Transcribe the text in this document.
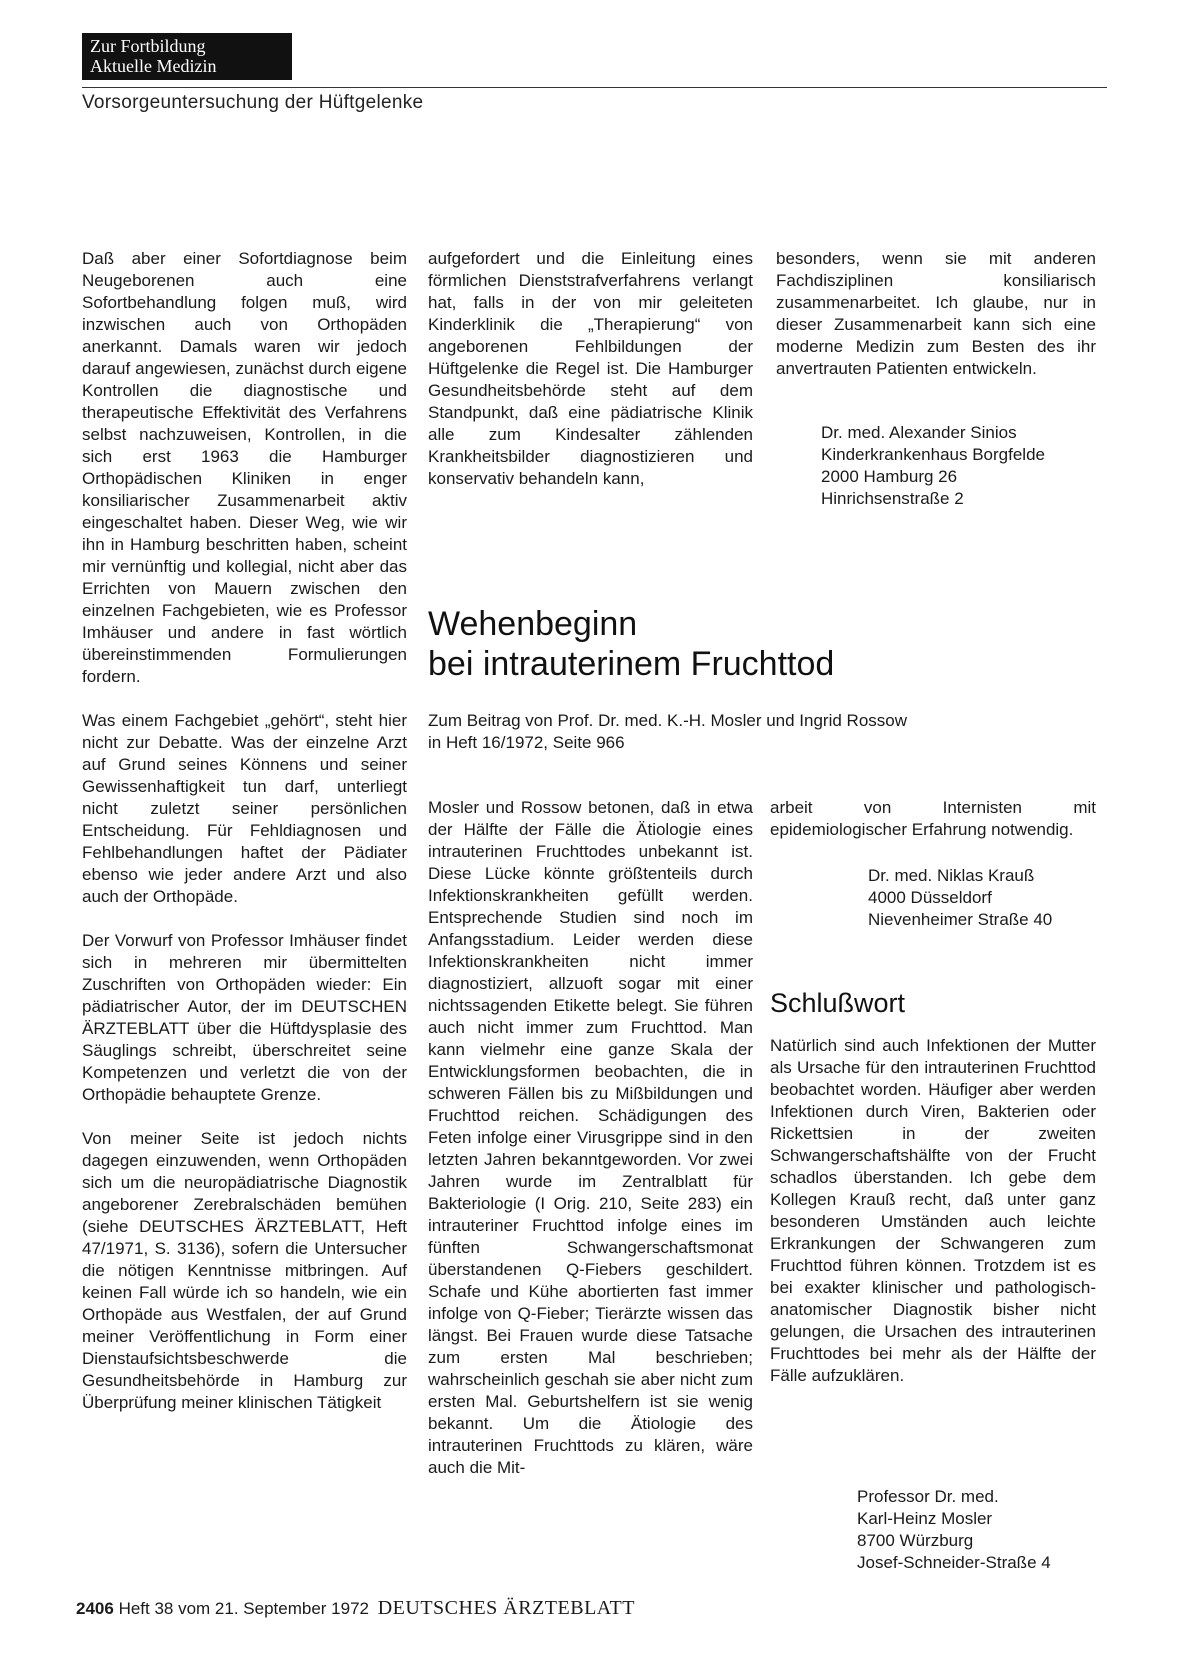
Zur Fortbildung
Aktuelle Medizin
Vorsorgeuntersuchung der Hüftgelenke

Daß aber einer Sofortdiagnose beim Neugeborenen auch eine Sofortbehandlung folgen muß, wird inzwischen auch von Orthopäden anerkannt. Damals waren wir jedoch darauf angewiesen, zunächst durch eigene Kontrollen die diagnostische und therapeutische Effektivität des Verfahrens selbst nachzuweisen, Kontrollen, in die sich erst 1963 die Hamburger Orthopädischen Kliniken in enger konsiliarischer Zusammenarbeit aktiv eingeschaltet haben. Dieser Weg, wie wir ihn in Hamburg beschritten haben, scheint mir vernünftig und kollegial, nicht aber das Errichten von Mauern zwischen den einzelnen Fachgebieten, wie es Professor Imhäuser und andere in fast wörtlich übereinstimmenden Formulierungen fordern.

Was einem Fachgebiet „gehört“, steht hier nicht zur Debatte. Was der einzelne Arzt auf Grund seines Könnens und seiner Gewissenhaftigkeit tun darf, unterliegt nicht zuletzt seiner persönlichen Entscheidung. Für Fehldiagnosen und Fehlbehandlungen haftet der Pädiater ebenso wie jeder andere Arzt und also auch der Orthopäde.

Der Vorwurf von Professor Imhäuser findet sich in mehreren mir übermittelten Zuschriften von Orthopäden wieder: Ein pädiatrischer Autor, der im DEUTSCHEN ÄRZTEBLATT über die Hüftdysplasie des Säuglings schreibt, überschreitet seine Kompetenzen und verletzt die von der Orthopädie behauptete Grenze.

Von meiner Seite ist jedoch nichts dagegen einzuwenden, wenn Orthopäden sich um die neuropädiatrische Diagnostik angeborener Zerebralschäden bemühen (siehe DEUTSCHES ÄRZTEBLATT, Heft 47/1971, S. 3136), sofern die Untersucher die nötigen Kenntnisse mitbringen. Auf keinen Fall würde ich so handeln, wie ein Orthopäde aus Westfalen, der auf Grund meiner Veröffentlichung in Form einer Dienstaufsichtsbeschwerde die Gesundheitsbehörde in Hamburg zur Überprüfung meiner klinischen Tätigkeit

aufgefordert und die Einleitung eines förmlichen Dienststrafverfahrens verlangt hat, falls in der von mir geleiteten Kinderklinik die „Therapierung“ von angeborenen Fehlbildungen der Hüftgelenke die Regel ist. Die Hamburger Gesundheitsbehörde steht auf dem Standpunkt, daß eine pädiatrische Klinik alle zum Kindesalter zählenden Krankheitsbilder diagnostizieren und konservativ behandeln kann,

besonders, wenn sie mit anderen Fachdisziplinen konsiliarisch zusammenarbeitet. Ich glaube, nur in dieser Zusammenarbeit kann sich eine moderne Medizin zum Besten des ihr anvertrauten Patienten entwickeln.

Dr. med. Alexander Sinios
Kinderkrankenhaus Borgfelde
2000 Hamburg 26
Hinrichsenstraße 2
Wehenbeginn
bei intrauterinem Fruchttod
Zum Beitrag von Prof. Dr. med. K.-H. Mosler und Ingrid Rossow
in Heft 16/1972, Seite 966

Mosler und Rossow betonen, daß in etwa der Hälfte der Fälle die Ätiologie eines intrauterinen Fruchttodes unbekannt ist. Diese Lücke könnte größtenteils durch Infektionskrankheiten gefüllt werden. Entsprechende Studien sind noch im Anfangsstadium. Leider werden diese Infektionskrankheiten nicht immer diagnostiziert, allzuoft sogar mit einer nichtssagenden Etikette belegt. Sie führen auch nicht immer zum Fruchttod. Man kann vielmehr eine ganze Skala der Entwicklungsformen beobachten, die in schweren Fällen bis zu Mißbildungen und Fruchttod reichen. Schädigungen des Feten infolge einer Virusgrippe sind in den letzten Jahren bekanntgeworden. Vor zwei Jahren wurde im Zentralblatt für Bakteriologie (I Orig. 210, Seite 283) ein intrauteriner Fruchttod infolge eines im fünften Schwangerschaftsmonat überstandenen Q-Fiebers geschildert. Schafe und Kühe abortierten fast immer infolge von Q-Fieber; Tierärzte wissen das längst. Bei Frauen wurde diese Tatsache zum ersten Mal beschrieben; wahrscheinlich geschah sie aber nicht zum ersten Mal. Geburtshelfern ist sie wenig bekannt. Um die Ätiologie des intrauterinen Fruchttods zu klären, wäre auch die Mit-

arbeit von Internisten mit epidemiologischer Erfahrung notwendig.

Dr. med. Niklas Krauß
4000 Düsseldorf
Nievenheimer Straße 40
Schlußwort

Natürlich sind auch Infektionen der Mutter als Ursache für den intrauterinen Fruchttod beobachtet worden. Häufiger aber werden Infektionen durch Viren, Bakterien oder Rickettsien in der zweiten Schwangerschaftshälfte von der Frucht schadlos überstanden. Ich gebe dem Kollegen Krauß recht, daß unter ganz besonderen Umständen auch leichte Erkrankungen der Schwangeren zum Fruchttod führen können. Trotzdem ist es bei exakter klinischer und pathologisch-anatomischer Diagnostik bisher nicht gelungen, die Ursachen des intrauterinen Fruchttodes bei mehr als der Hälfte der Fälle aufzuklären.

Professor Dr. med.
Karl-Heinz Mosler
8700 Würzburg
Josef-Schneider-Straße 4
2406 Heft 38 vom 21. September 1972 DEUTSCHES ÄRZTEBLATT
